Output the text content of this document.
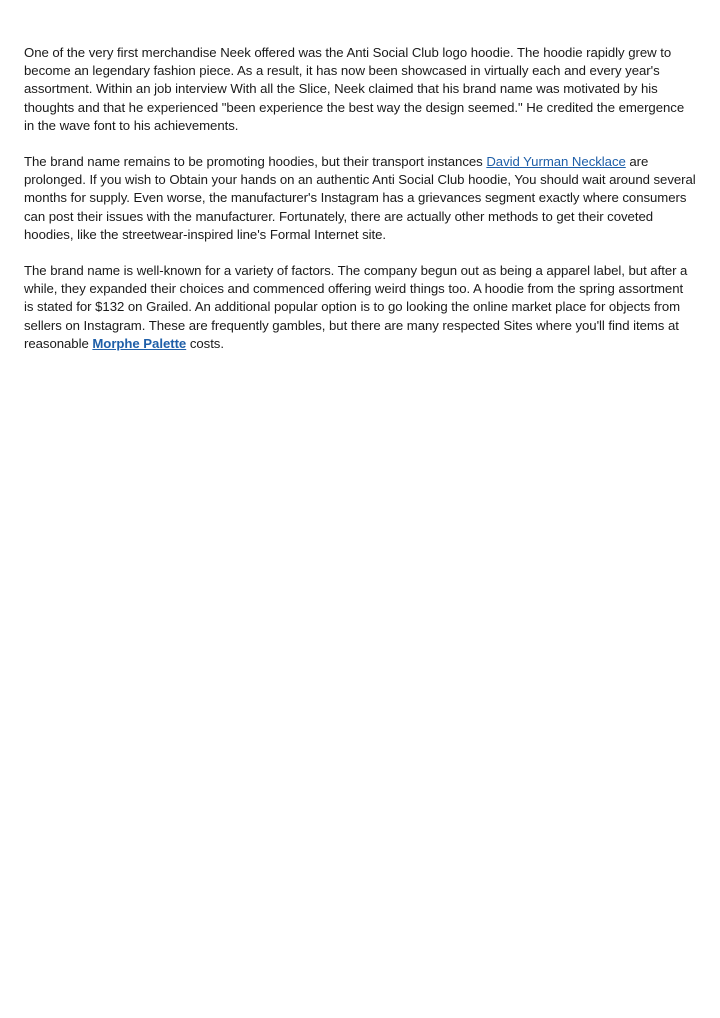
One of the very first merchandise Neek offered was the Anti Social Club logo hoodie. The hoodie rapidly grew to become an legendary fashion piece. As a result, it has now been showcased in virtually each and every year's assortment. Within an job interview With all the Slice, Neek claimed that his brand name was motivated by his thoughts and that he experienced "been experience the best way the design seemed." He credited the emergence in the wave font to his achievements.

The brand name remains to be promoting hoodies, but their transport instances David Yurman Necklace are prolonged. If you wish to Obtain your hands on an authentic Anti Social Club hoodie, You should wait around several months for supply. Even worse, the manufacturer's Instagram has a grievances segment exactly where consumers can post their issues with the manufacturer. Fortunately, there are actually other methods to get their coveted hoodies, like the streetwear-inspired line's Formal Internet site.

The brand name is well-known for a variety of factors. The company begun out as being a apparel label, but after a while, they expanded their choices and commenced offering weird things too. A hoodie from the spring assortment is stated for $132 on Grailed. An additional popular option is to go looking the online market place for objects from sellers on Instagram. These are frequently gambles, but there are many respected Sites where you'll find items at reasonable Morphe Palette costs.
